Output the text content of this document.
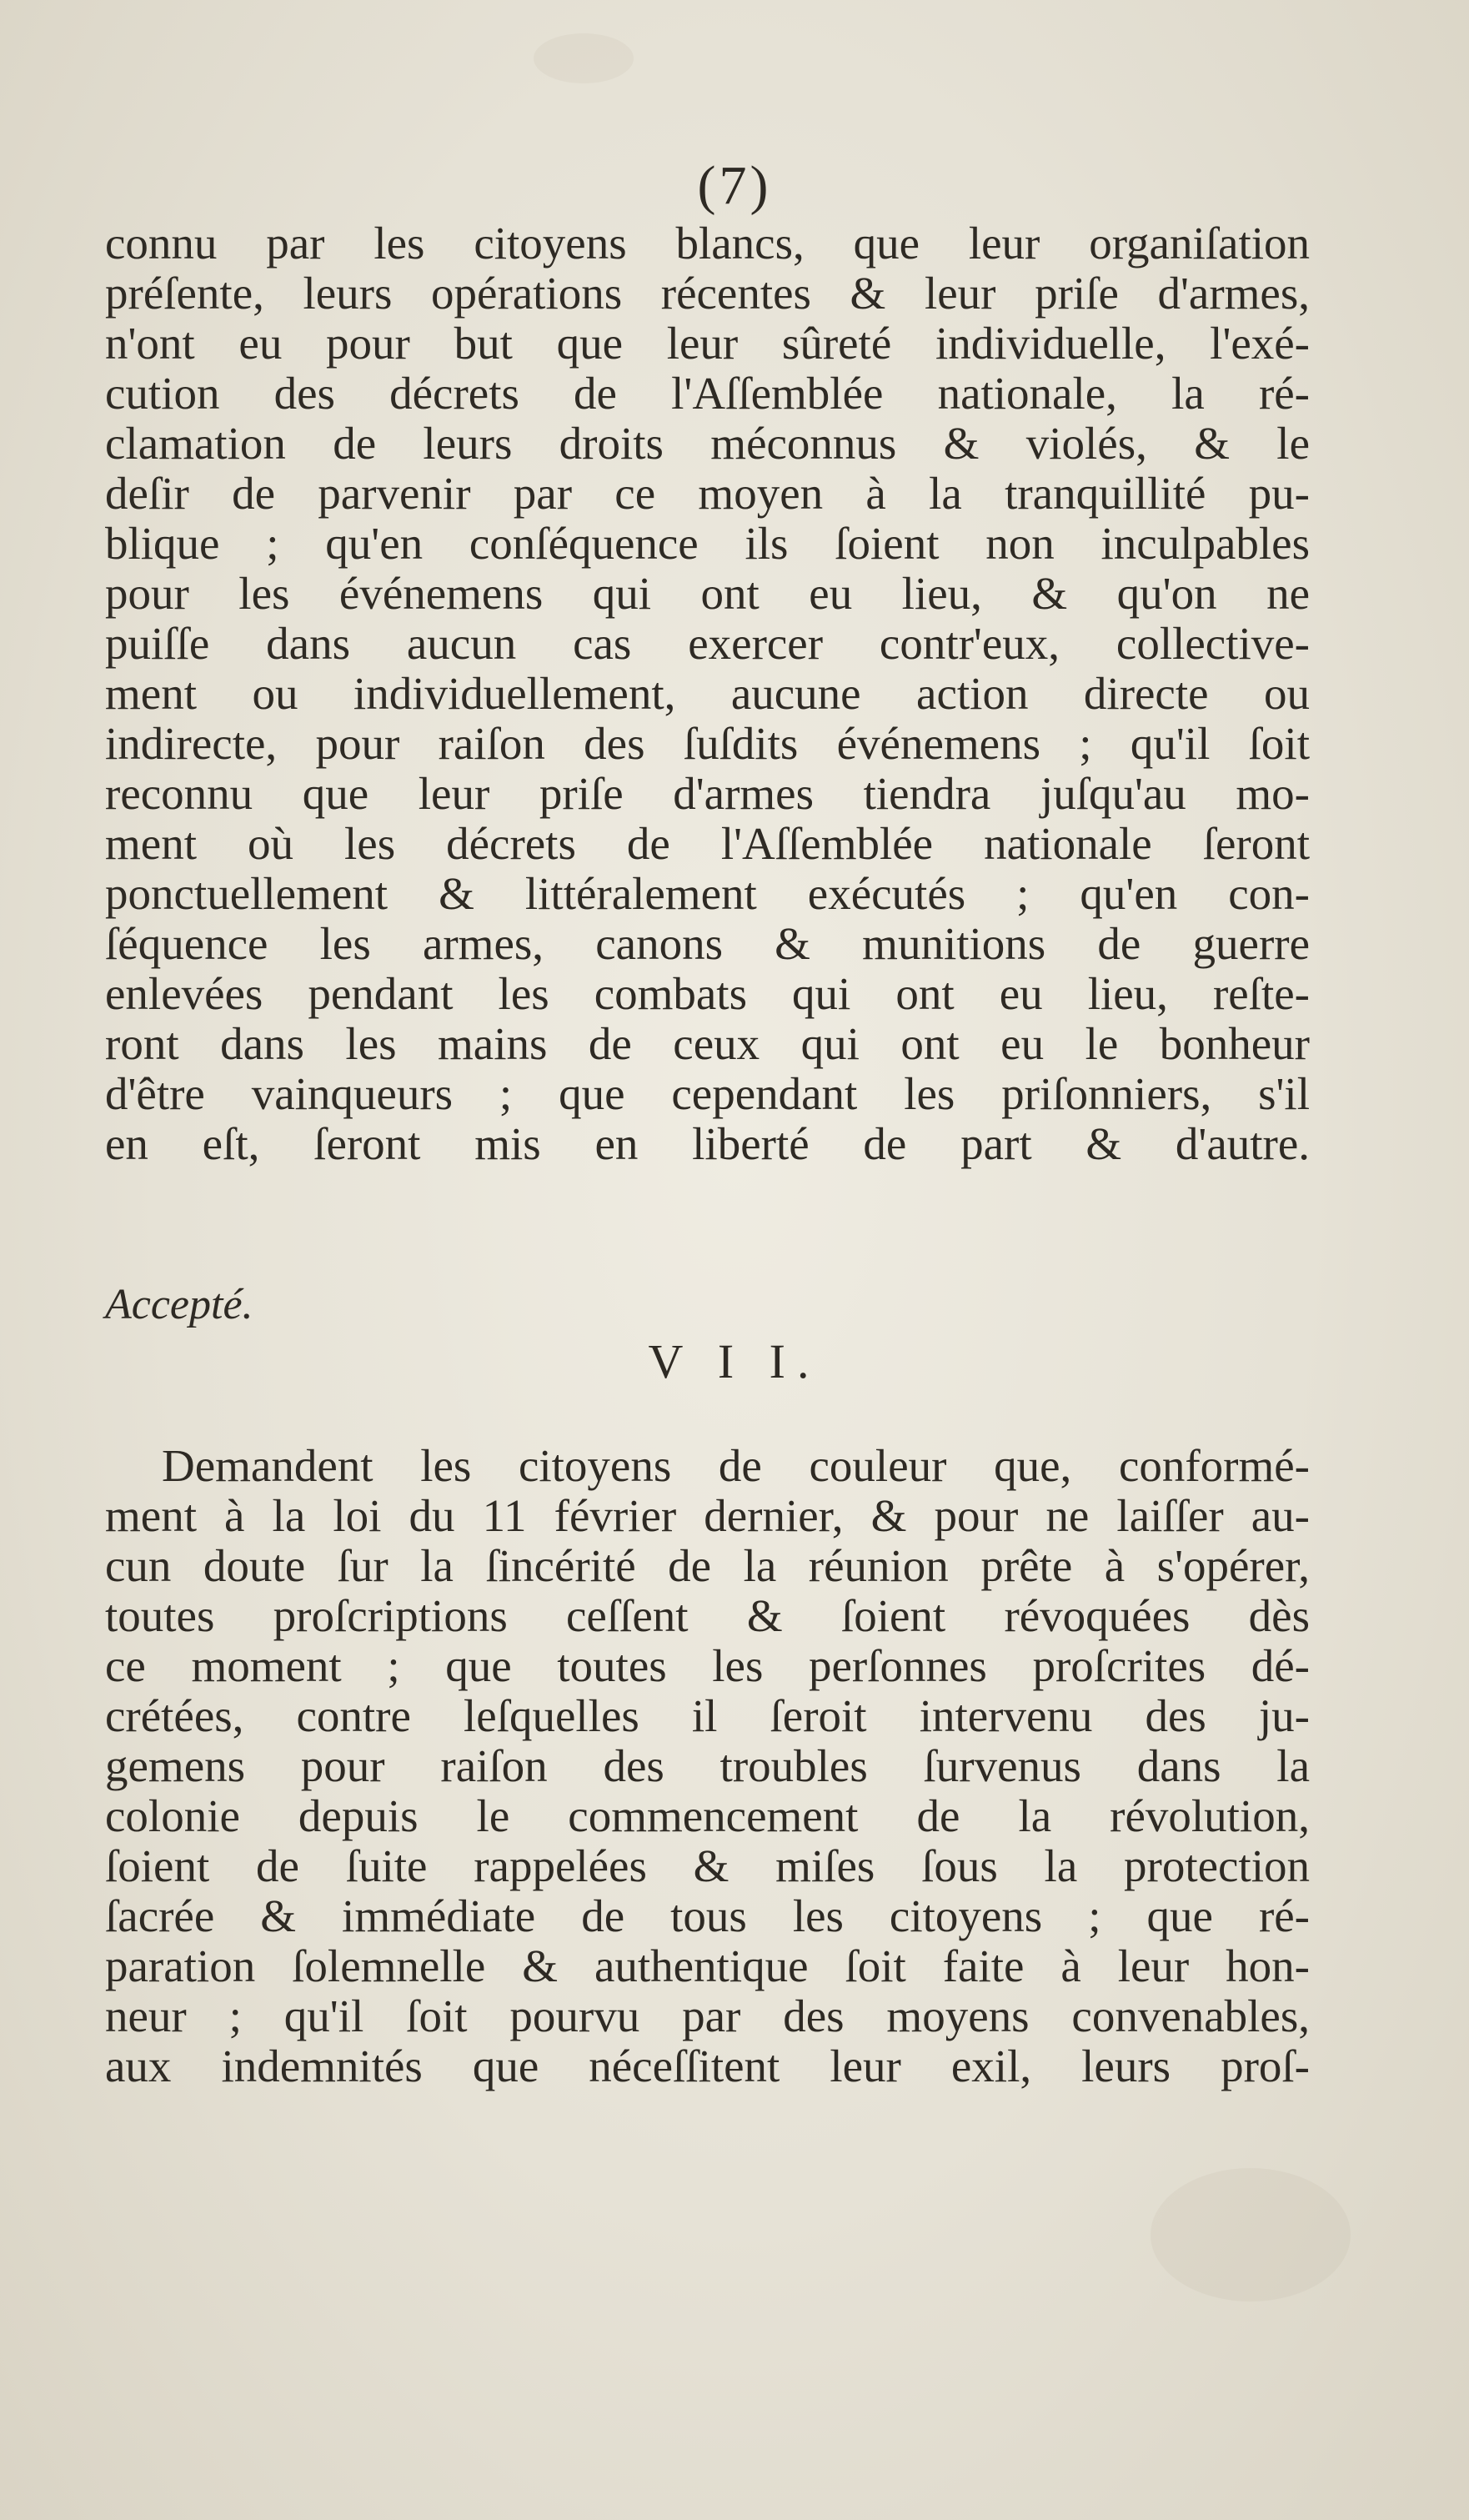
(7)
connu par les citoyens blancs, que leur organiſation
préſente, leurs opérations récentes & leur priſe d'armes,
n'ont eu pour but que leur sûreté individuelle, l'exé-
cution des décrets de l'Aſſemblée nationale, la ré-
clamation de leurs droits méconnus & violés, & le
deſir de parvenir par ce moyen à la tranquillité pu-
blique ; qu'en conſéquence ils ſoient non inculpables
pour les événemens qui ont eu lieu, & qu'on ne
puiſſe dans aucun cas exercer contr'eux, collective-
ment ou individuellement, aucune action directe ou
indirecte, pour raiſon des ſuſdits événemens ; qu'il ſoit
reconnu que leur priſe d'armes tiendra juſqu'au mo-
ment où les décrets de l'Aſſemblée nationale ſeront
ponctuellement & littéralement exécutés ; qu'en con-
ſéquence les armes, canons & munitions de guerre
enlevées pendant les combats qui ont eu lieu, reſte-
ront dans les mains de ceux qui ont eu le bonheur
d'être vainqueurs ; que cependant les priſonniers, s'il
en eſt, ſeront mis en liberté de part & d'autre.
Accepté.
V I I.
Demandent les citoyens de couleur que, conformé-
ment à la loi du 11 février dernier, & pour ne laiſſer au-
cun doute ſur la ſincérité de la réunion prête à s'opérer,
toutes proſcriptions ceſſent & ſoient révoquées dès
ce moment ; que toutes les perſonnes proſcrites dé-
crétées, contre leſquelles il ſeroit intervenu des ju-
gemens pour raiſon des troubles ſurvenus dans la
colonie depuis le commencement de la révolution,
ſoient de ſuite rappelées & miſes ſous la protection
ſacrée & immédiate de tous les citoyens ; que ré-
paration ſolemnelle & authentique ſoit faite à leur hon-
neur ; qu'il ſoit pourvu par des moyens convenables,
aux indemnités que néceſſitent leur exil, leurs proſ-
